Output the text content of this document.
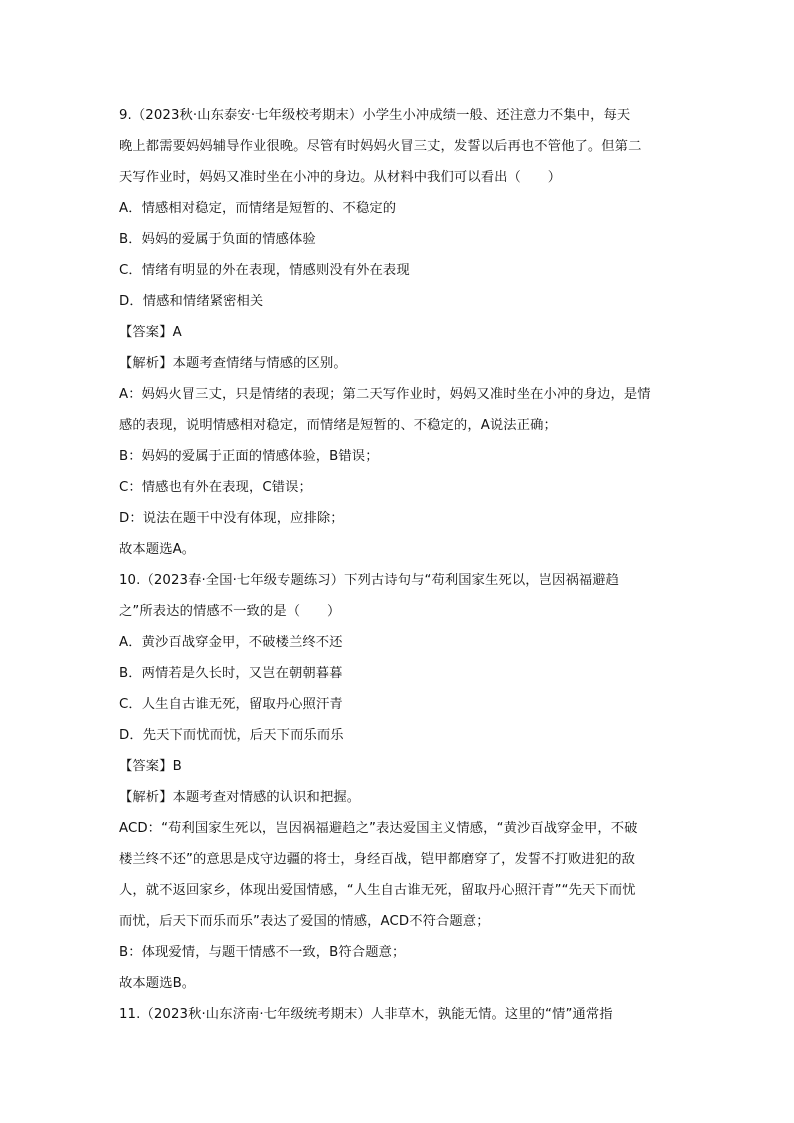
9.（2023秋·山东泰安·七年级校考期末）小学生小冲成绩一般、还注意力不集中，每天
晚上都需要妈妈辅导作业很晚。尽管有时妈妈火冒三丈，发誓以后再也不管他了。但第二
天写作业时，妈妈又准时坐在小冲的身边。从材料中我们可以看出（　　）
A．情感相对稳定，而情绪是短暂的、不稳定的
B．妈妈的爱属于负面的情感体验
C．情绪有明显的外在表现，情感则没有外在表现
D．情感和情绪紧密相关
【答案】A
【解析】本题考查情绪与情感的区别。
A：妈妈火冒三丈，只是情绪的表现；第二天写作业时，妈妈又准时坐在小冲的身边，是情
感的表现，说明情感相对稳定，而情绪是短暂的、不稳定的，A说法正确；
B：妈妈的爱属于正面的情感体验，B错误；
C：情感也有外在表现，C错误；
D：说法在题干中没有体现，应排除；
故本题选A。
10.（2023春·全国·七年级专题练习）下列古诗句与“苟利国家生死以，岂因祸福避趋
之”所表达的情感不一致的是（　　）
A．黄沙百战穿金甲，不破楼兰终不还
B．两情若是久长时，又岂在朝朝暮暮
C．人生自古谁无死，留取丹心照汗青
D．先天下而忧而忧，后天下而乐而乐
【答案】B
【解析】本题考查对情感的认识和把握。
ACD：“苟利国家生死以，岂因祸福避趋之”表达爱国主义情感，“黄沙百战穿金甲，不破
楼兰终不还”的意思是戍守边疆的将士，身经百战，铠甲都磨穿了，发誓不打败进犯的敌
人，就不返回家乡，体现出爱国情感，“人生自古谁无死，留取丹心照汗青”“先天下而忧
而忧，后天下而乐而乐”表达了爱国的情感，ACD不符合题意；
B：体现爱情，与题干情感不一致，B符合题意；
故本题选B。
11.（2023秋·山东济南·七年级统考期末）人非草木，孰能无情。这里的“情”通常指
